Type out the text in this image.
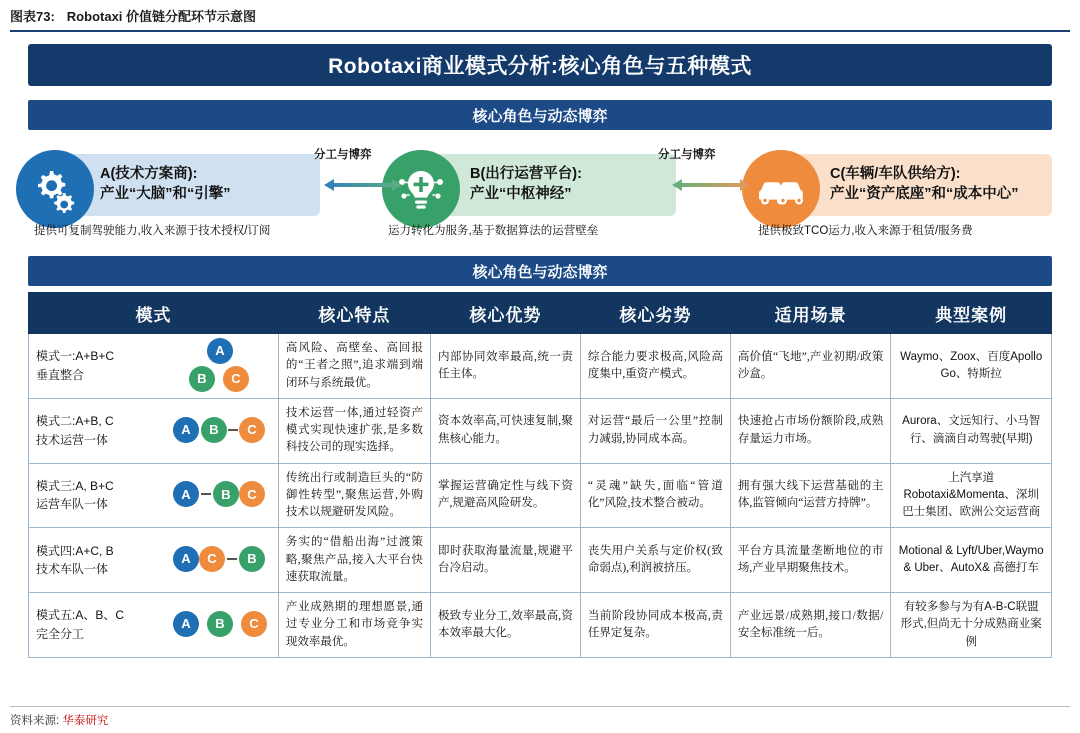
图表73: Robotaxi 价值链分配环节示意图
Robotaxi商业模式分析:核心角色与五种模式
核心角色与动态博弈
A(技术方案商):
产业“大脑”和“引擎”
B(出行运营平台):
产业“中枢神经”
C(车辆/车队供给方):
产业“资产底座”和“成本中心”
分工与博弈	分工与博弈
提供可复制驾驶能力,收入来源于技术授权/订阅	运力转化为服务,基于数据算法的运营壁垒	提供极致TCO运力,收入来源于租赁/服务费
核心角色与动态博弈
模式	核心特点	核心优势	核心劣势	适用场景	典型案例

模式一:A+B+C
垂直整合
A
B C	高风险、高壁垒、高回报的“王者之照”,追求端到端闭环与系统最优。	内部协同效率最高,统一责任主体。	综合能力要求极高,风险高度集中,重资产模式。	高价值“飞地”,产业初期/政策沙盒。	Waymo、Zoox、百度Apollo Go、特斯拉

模式二:A+B, C
技术运营一体
A B C	技术运营一体,通过轻资产模式实现快速扩张,是多数科技公司的现实选择。	资本效率高,可快速复制,聚焦核心能力。	对运营“最后一公里”控制力减弱,协同成本高。	快速抢占市场份额阶段,成熟存量运力市场。	Aurora、文远知行、小马智行、滴滴自动驾驶(早期)

模式三:A, B+C
运营车队一体
A B C	传统出行或制造巨头的“防御性转型”,聚焦运营,外购技术以规避研发风险。	掌握运营确定性与线下资产,规避高风险研发。	“灵魂”缺失,面临“管道化”风险,技术整合被动。	拥有强大线下运营基础的主体,监管倾向“运营方持牌”。	上汽享道Robotaxi&Momenta、深圳巴士集团、欧洲公交运营商

模式四:A+C, B
技术车队一体
A C B	务实的“借船出海”过渡策略,聚焦产品,接入大平台快速获取流量。	即时获取海量流量,规避平台冷启动。	丧失用户关系与定价权(致命弱点),利润被挤压。	平台方具流量垄断地位的市场,产业早期聚焦技术。	Motional & Lyft/Uber,Waymo & Uber、AutoX& 高德打车

模式五:A、B、C
完全分工
A B C	产业成熟期的理想愿景,通过专业分工和市场竞争实现效率最优。	极致专业分工,效率最高,资本效率最大化。	当前阶段协同成本极高,责任界定复杂。	产业远景/成熟期,接口/数据/安全标准统一后。	有较多参与为有A-B-C联盟形式,但尚无十分成熟商业案例
资料来源: 华泰研究
